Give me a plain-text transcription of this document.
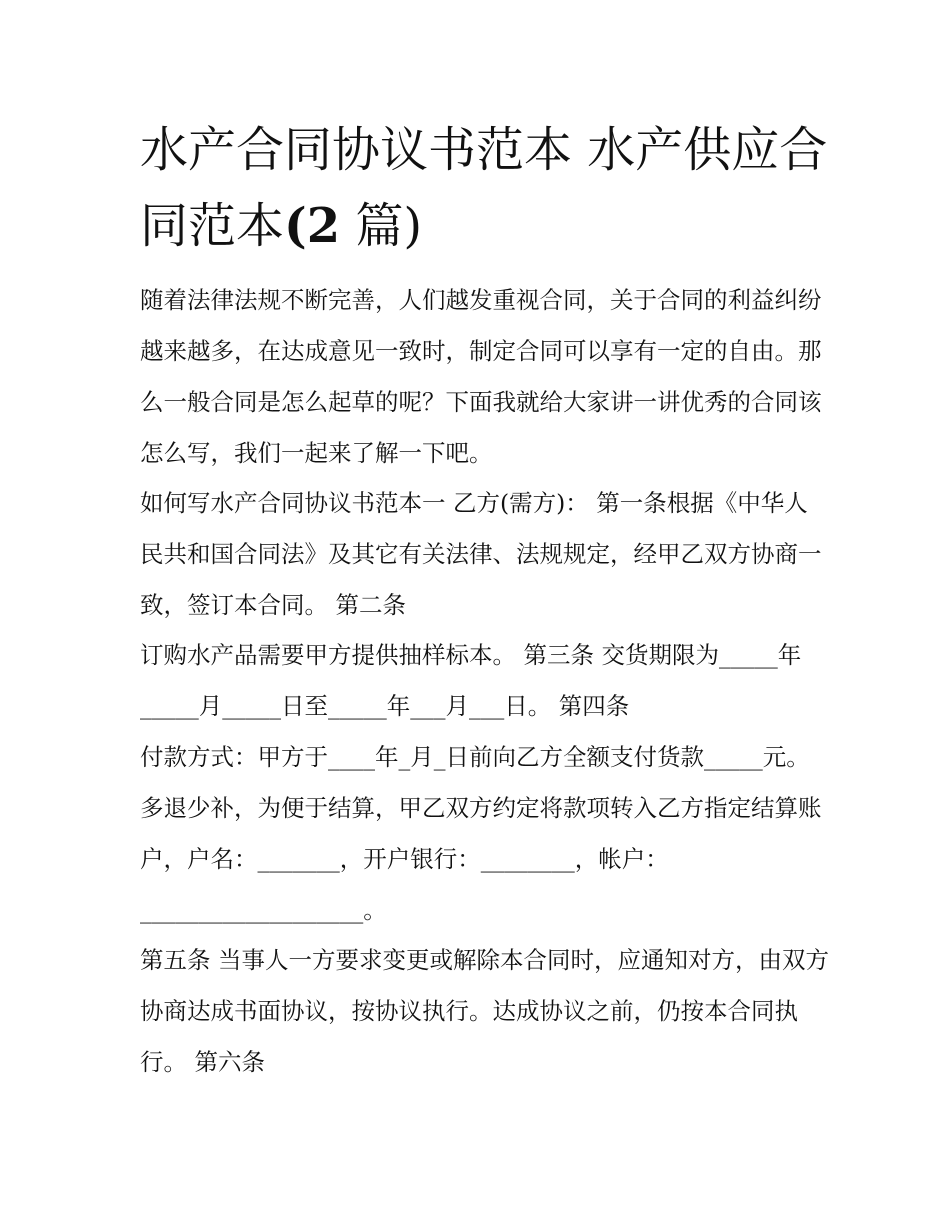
水产合同协议书范本 水产供应合同范本(2 篇)

随着法律法规不断完善，人们越发重视合同，关于合同的利益纠纷越来越多，在达成意见一致时，制定合同可以享有一定的自由。那么一般合同是怎么起草的呢？下面我就给大家讲一讲优秀的合同该怎么写，我们一起来了解一下吧。

如何写水产合同协议书范本一 乙方(需方)： 第一条根据《中华人民共和国合同法》及其它有关法律、法规规定，经甲乙双方协商一致，签订本合同。 第二条

订购水产品需要甲方提供抽样标本。 第三条 交货期限为_____年_____月_____日至_____年___月___日。 第四条

付款方式：甲方于____年_月_日前向乙方全额支付货款_____元。多退少补，为便于结算，甲乙双方约定将款项转入乙方指定结算账户，户名：_______，开户银行：________，帐户：

___________________。

第五条 当事人一方要求变更或解除本合同时，应通知对方，由双方协商达成书面协议，按协议执行。达成协议之前，仍按本合同执行。 第六条
